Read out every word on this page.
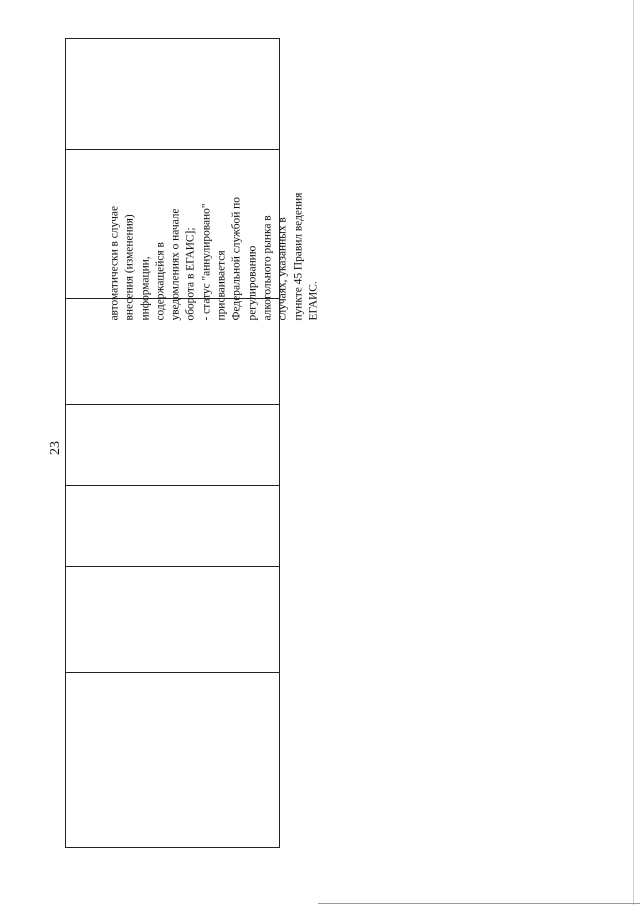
23
автоматически в случае внесения (изменения) информации, содержащейся в уведомлениях о начале оборота в ЕГАИС]; - статус "аннулировано" присваивается Федеральной службой по регулированию алкогольного рынка в случаях, указанных в пункте 45 Правил ведения ЕГАИС.
